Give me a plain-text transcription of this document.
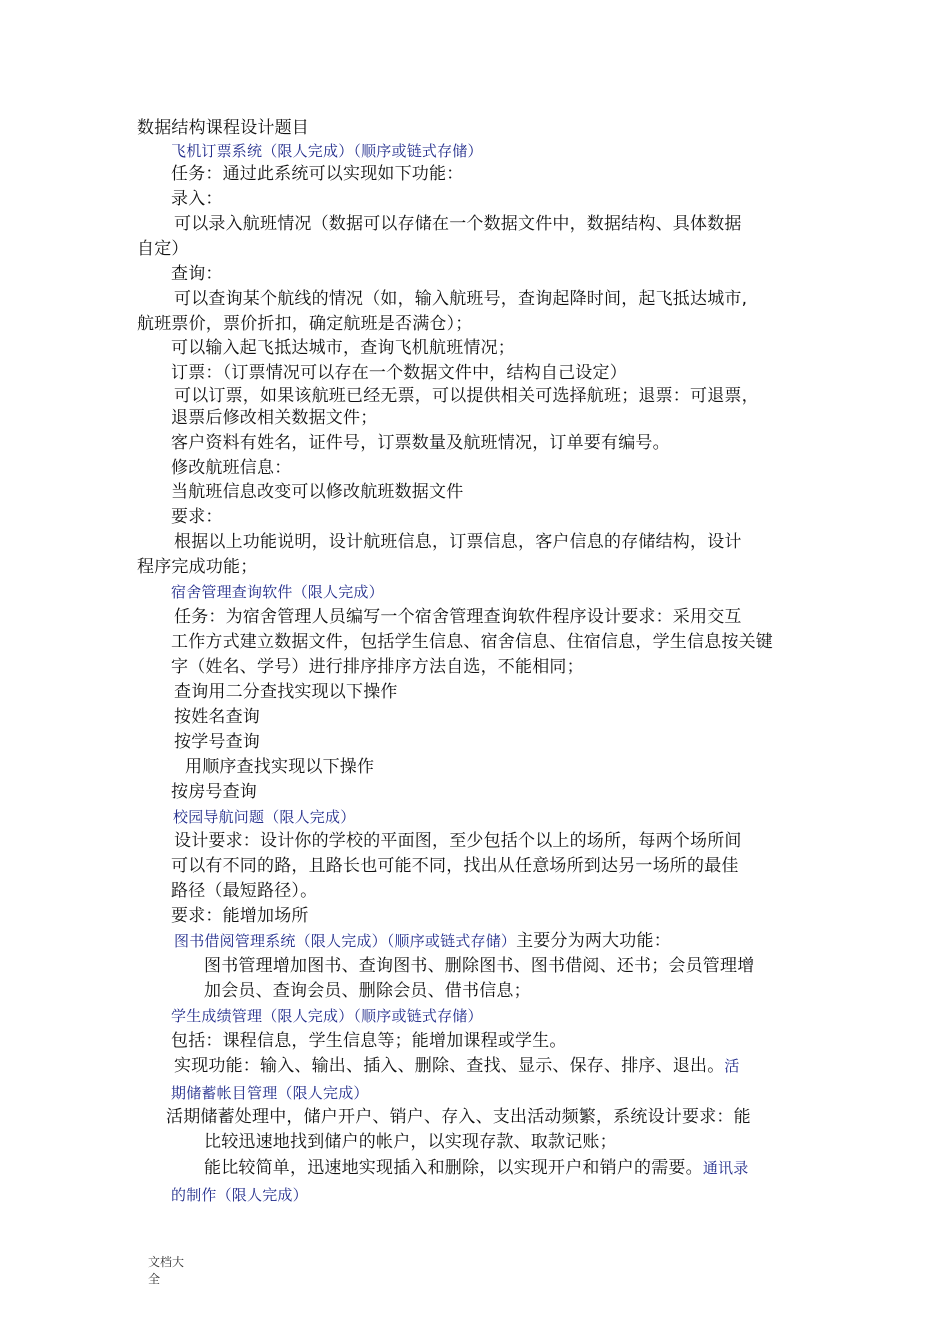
数据结构课程设计题目
飞机订票系统（限人完成）（顺序或链式存储）
任务：通过此系统可以实现如下功能：
录入：
可以录入航班情况（数据可以存储在一个数据文件中，数据结构、具体数据
自定）
查询：
可以查询某个航线的情况（如，输入航班号，查询起降时间，起飞抵达城市,
航班票价，票价折扣，确定航班是否满仓）；
可以输入起飞抵达城市，查询飞机航班情况；
订票：（订票情况可以存在一个数据文件中，结构自己设定）
可以订票，如果该航班已经无票，可以提供相关可选择航班；退票：可退票，
退票后修改相关数据文件；
客户资料有姓名，证件号，订票数量及航班情况，订单要有编号。
修改航班信息：
当航班信息改变可以修改航班数据文件
要求：
根据以上功能说明，设计航班信息，订票信息，客户信息的存储结构，设计
程序完成功能；
宿舍管理查询软件（限人完成）
任务：为宿舍管理人员编写一个宿舍管理查询软件程序设计要求：采用交互
工作方式建立数据文件，包括学生信息、宿舍信息、住宿信息，学生信息按关键
字（姓名、学号）进行排序排序方法自选，不能相同；
查询用二分查找实现以下操作
按姓名查询
按学号查询
用顺序查找实现以下操作
按房号查询
校园导航问题（限人完成）
设计要求：设计你的学校的平面图，至少包括个以上的场所，每两个场所间
可以有不同的路，且路长也可能不同，找出从任意场所到达另一场所的最佳
路径（最短路径）。
要求：能增加场所
图书借阅管理系统（限人完成）（顺序或链式存储）主要分为两大功能：
图书管理增加图书、查询图书、删除图书、图书借阅、还书；会员管理增
加会员、查询会员、删除会员、借书信息；
学生成绩管理（限人完成）（顺序或链式存储）
包括：课程信息，学生信息等；能增加课程或学生。
实现功能：输入、输出、插入、删除、查找、显示、保存、排序、退出。活
期储蓄帐目管理（限人完成）
活期储蓄处理中，储户开户、销户、存入、支出活动频繁，系统设计要求：能
比较迅速地找到储户的帐户，以实现存款、取款记账；
能比较简单，迅速地实现插入和删除，以实现开户和销户的需要。通讯录
的制作（限人完成）
文档大
全
